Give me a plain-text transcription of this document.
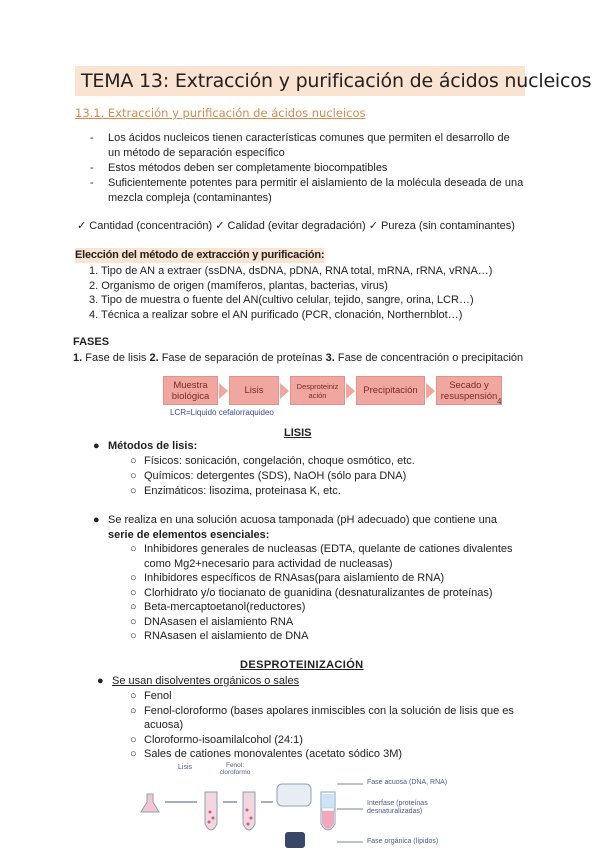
TEMA 13: Extracción y purificación de ácidos nucleicos
13.1. Extracción y purificación de ácidos nucleicos
- Los ácidos nucleicos tienen características comunes que permiten el desarrollo de
un método de separación específico
- Estos métodos deben ser completamente biocompatibles
- Suficientemente potentes para permitir el aislamiento de la molécula deseada de una
mezcla compleja (contaminantes)
✓ Cantidad (concentración) ✓ Calidad (evitar degradación) ✓ Pureza (sin contaminantes)
Elección del método de extracción y purificación:
1. Tipo de AN a extraer (ssDNA, dsDNA, pDNA, RNA total, mRNA, rRNA, vRNA…)
2. Organismo de origen (mamíferos, plantas, bacterias, virus)
3. Tipo de muestra o fuente del AN(cultivo celular, tejido, sangre, orina, LCR…)
4. Técnica a realizar sobre el AN purificado (PCR, clonación, Northernblot…)
FASES
1. Fase de lisis 2. Fase de separación de proteínas 3. Fase de concentración o precipitación
Muestra biológica	Lisis	Desproteinización	Precipitación	Secado y resuspensión 4
LCR=Liquido cefalorraquideo
LISIS
● Métodos de lisis:
○ Físicos: sonicación, congelación, choque osmótico, etc.
○ Químicos: detergentes (SDS), NaOH (sólo para DNA)
○ Enzimáticos: lisozima, proteinasa K, etc.
● Se realiza en una solución acuosa tamponada (pH adecuado) que contiene una
serie de elementos esenciales:
○ Inhibidores generales de nucleasas (EDTA, quelante de cationes divalentes
como Mg2+necesario para actividad de nucleasas)
○ Inhibidores específicos de RNAsas(para aislamiento de RNA)
○ Clorhidrato y/o tiocianato de guanidina (desnaturalizantes de proteínas)
○ Beta-mercaptoetanol(reductores)
○ DNAsasen el aislamiento RNA
○ RNAsasen el aislamiento de DNA
DESPROTEINIZACIÓN
● Se usan disolventes orgánicos o sales
○ Fenol
○ Fenol-cloroformo (bases apolares inmiscibles con la solución de lisis que es
acuosa)
○ Cloroformo-isoamilalcohol (24:1)
○ Sales de cationes monovalentes (acetato sódico 3M)
Lisis	Fenol: cloroformo
Fase acuosa (DNA, RNA)
Interfase (proteínas desnaturalizadas)
Fase orgánica (lípidos)
